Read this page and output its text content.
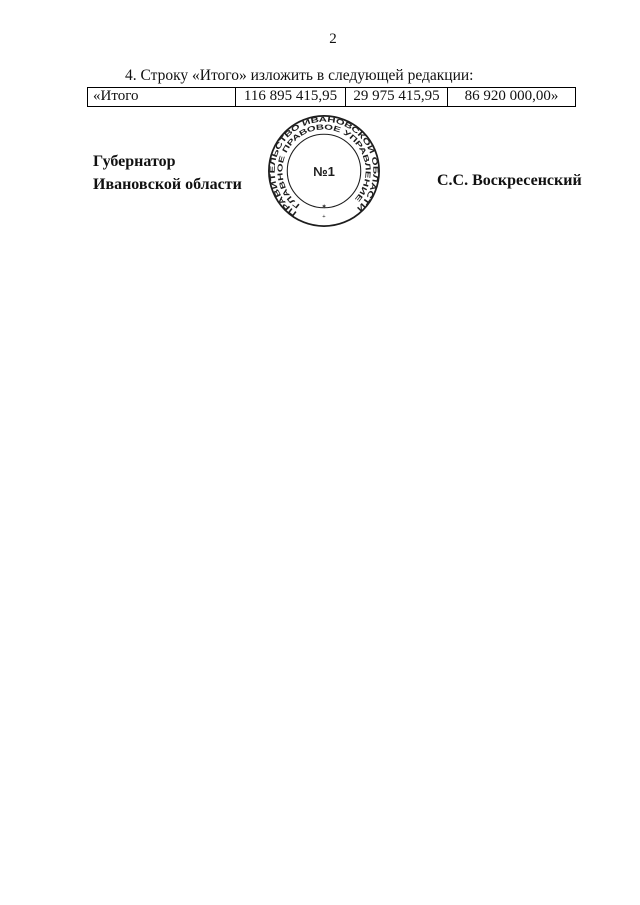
2
4. Строку «Итого» изложить в следующей редакции:
«Итого	116 895 415,95	29 975 415,95	86 920 000,00»
Губернатор
Ивановской области	С.С. Воскресенский
ПРАВИТЕЛЬСТВО ИВАНОВСКОЙ ОБЛАСТИ
ГЛАВНОЕ ПРАВОВОЕ УПРАВЛЕНИЕ
№1
✶
+
